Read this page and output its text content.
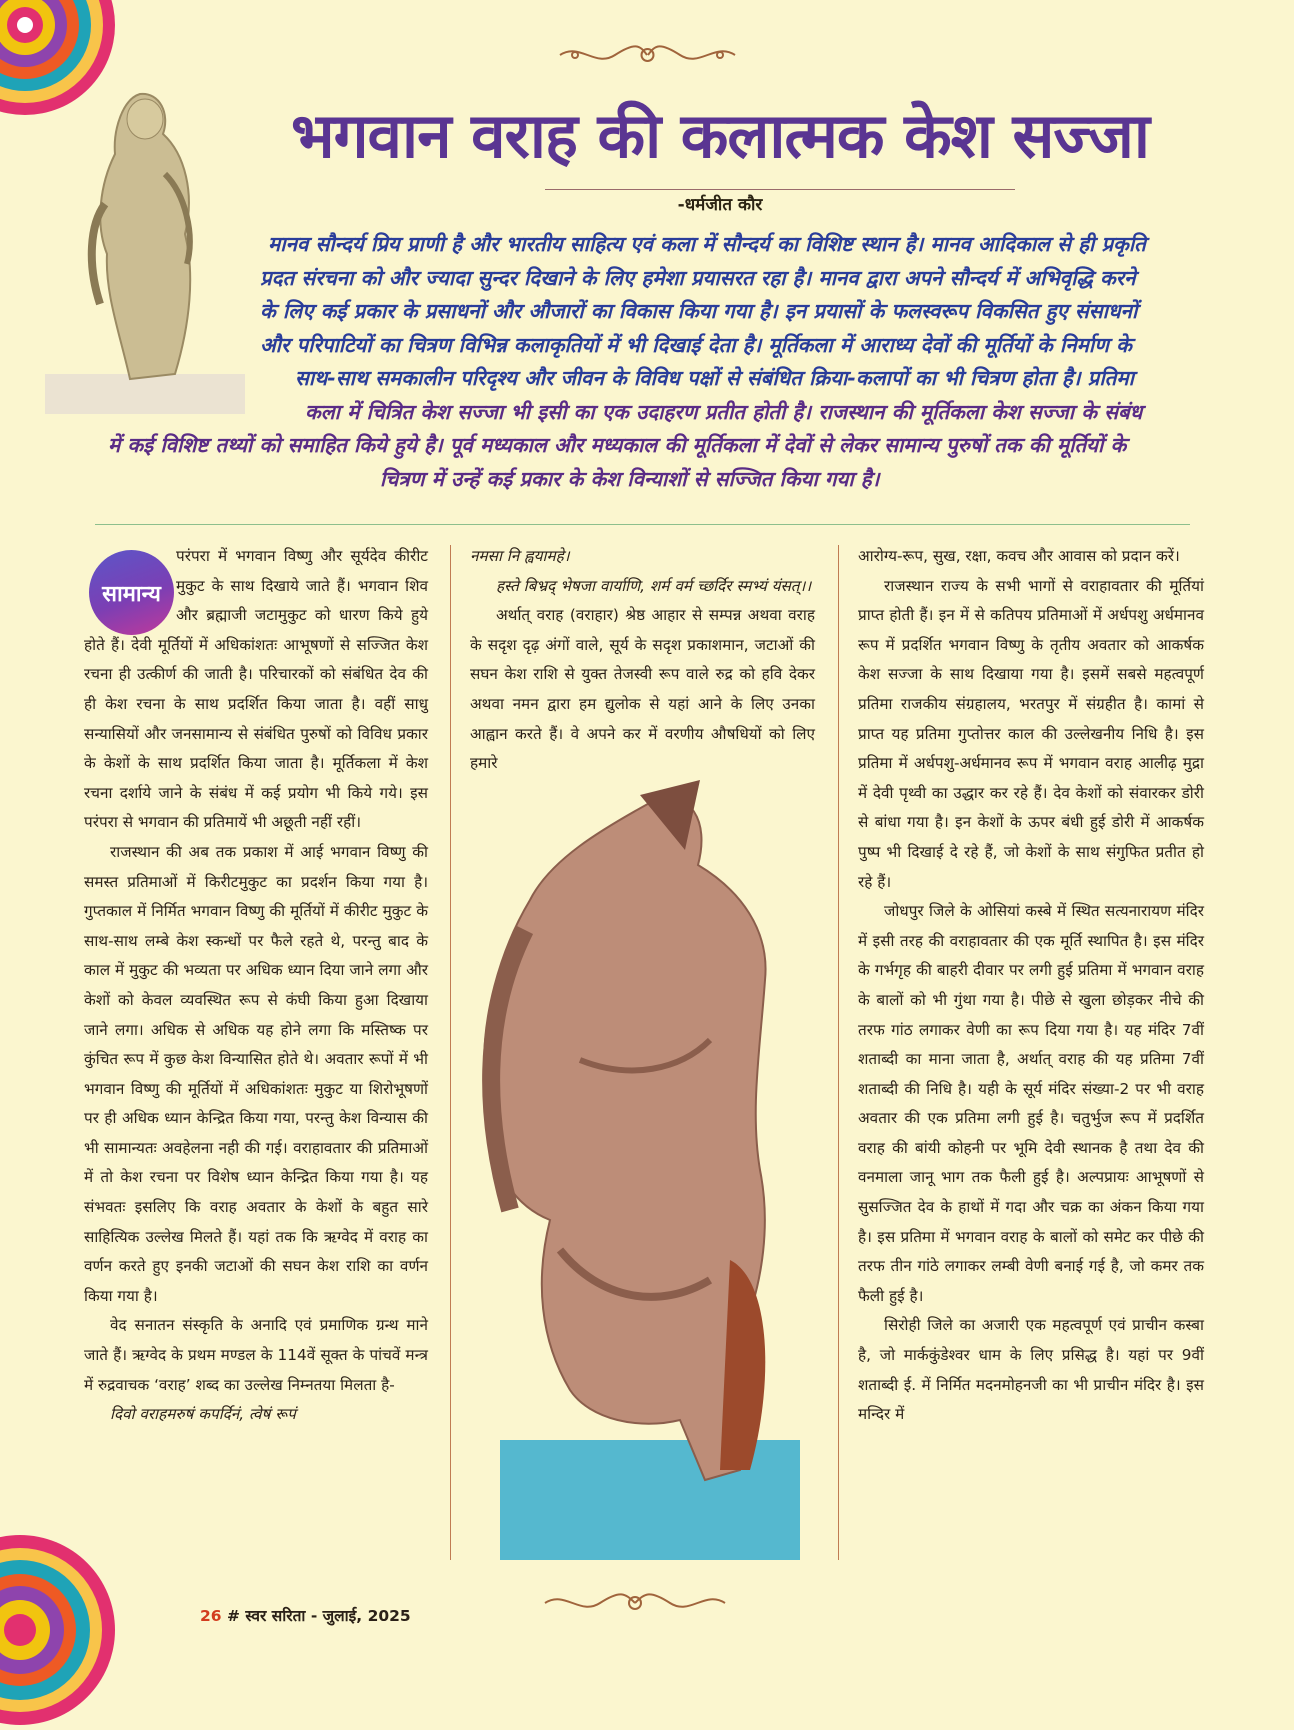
भगवान वराह की कलात्मक केश सज्जा
-धर्मजीत कौर
मानव सौन्दर्य प्रिय प्राणी है और भारतीय साहित्य एवं कला में सौन्दर्य का विशिष्ट स्थान है। मानव आदिकाल से ही प्रकृति
प्रदत संरचना को और ज्यादा सुन्दर दिखाने के लिए हमेशा प्रयासरत रहा है। मानव द्वारा अपने सौन्दर्य में अभिवृद्धि करने
के लिए कई प्रकार के प्रसाधनों और औजारों का विकास किया गया है। इन प्रयासों के फलस्वरूप विकसित हुए संसाधनों
और परिपाटियों का चित्रण विभिन्न कलाकृतियों में भी दिखाई देता है। मूर्तिकला में आराध्य देवों की मूर्तियों के निर्माण के
साथ-साथ समकालीन परिदृश्य और जीवन के विविध पक्षों से संबंधित क्रिया-कलापों का भी चित्रण होता है। प्रतिमा
कला में चित्रित केश सज्जा भी इसी का एक उदाहरण प्रतीत होती है। राजस्थान की मूर्तिकला केश सज्जा के संबंध
में कई विशिष्ट तथ्यों को समाहित किये हुये है। पूर्व मध्यकाल और मध्यकाल की मूर्तिकला में देवों से लेकर सामान्य पुरुषों तक की मूर्तियों के
चित्रण में उन्हें कई प्रकार के केश विन्याशों से सज्जित किया गया है।
सामान्य

परंपरा में भगवान विष्णु और सूर्यदेव कीरीट मुकुट के साथ दिखाये जाते हैं। भगवान शिव और ब्रह्माजी जटामुकुट को धारण किये हुये होते हैं। देवी मूर्तियों में अधिकांशतः आभूषणों से सज्जित केश रचना ही उत्कीर्ण की जाती है। परिचारकों को संबंधित देव की ही केश रचना के साथ प्रदर्शित किया जाता है। वहीं साधु सन्यासियों और जनसामान्य से संबंधित पुरुषों को विविध प्रकार के केशों के साथ प्रदर्शित किया जाता है। मूर्तिकला में केश रचना दर्शाये जाने के संबंध में कई प्रयोग भी किये गये। इस परंपरा से भगवान की प्रतिमायें भी अछूती नहीं रहीं।

राजस्थान की अब तक प्रकाश में आई भगवान विष्णु की समस्त प्रतिमाओं में किरीटमुकुट का प्रदर्शन किया गया है। गुप्तकाल में निर्मित भगवान विष्णु की मूर्तियों में कीरीट मुकुट के साथ-साथ लम्बे केश स्कन्धों पर फैले रहते थे, परन्तु बाद के काल में मुकुट की भव्यता पर अधिक ध्यान दिया जाने लगा और केशों को केवल व्यवस्थित रूप से कंघी किया हुआ दिखाया जाने लगा। अधिक से अधिक यह होने लगा कि मस्तिष्क पर कुंचित रूप में कुछ केश विन्यासित होते थे। अवतार रूपों में भी भगवान विष्णु की मूर्तियों में अधिकांशतः मुकुट या शिरोभूषणों पर ही अधिक ध्यान केन्द्रित किया गया, परन्तु केश विन्यास की भी सामान्यतः अवहेलना नही की गई। वराहावतार की प्रतिमाओं में तो केश रचना पर विशेष ध्यान केन्द्रित किया गया है। यह संभवतः इसलिए कि वराह अवतार के केशों के बहुत सारे साहित्यिक उल्लेख मिलते हैं। यहां तक कि ऋग्वेद में वराह का वर्णन करते हुए इनकी जटाओं की सघन केश राशि का वर्णन किया गया है।

वेद सनातन संस्कृति के अनादि एवं प्रमाणिक ग्रन्थ माने जाते हैं। ऋग्वेद के प्रथम मण्डल के 114वें सूक्त के पांचवें मन्त्र में रुद्रवाचक ‘वराह’ शब्द का उल्लेख निम्नतया मिलता है-

दिवो वराहमरुषं कपर्दिनं, त्वेषं रूपं

नमसा नि ह्वयामहे।

हस्ते बिभ्रद् भेषजा वार्याणि, शर्म वर्म च्छर्दिर स्मभ्यं यंसत्।।

अर्थात् वराह (वराहार) श्रेष्ठ आहार से सम्पन्न अथवा वराह के सदृश दृढ़ अंगों वाले, सूर्य के सदृश प्रकाशमान, जटाओं की सघन केश राशि से युक्त तेजस्वी रूप वाले रुद्र को हवि देकर अथवा नमन द्वारा हम द्युलोक से यहां आने के लिए उनका आह्वान करते हैं। वे अपने कर में वरणीय औषधियों को लिए हमारे

आरोग्य-रूप, सुख, रक्षा, कवच और आवास को प्रदान करें।

राजस्थान राज्य के सभी भागों से वराहावतार की मूर्तियां प्राप्त होती हैं। इन में से कतिपय प्रतिमाओं में अर्धपशु अर्धमानव रूप में प्रदर्शित भगवान विष्णु के तृतीय अवतार को आकर्षक केश सज्जा के साथ दिखाया गया है। इसमें सबसे महत्वपूर्ण प्रतिमा राजकीय संग्रहालय, भरतपुर में संग्रहीत है। कामां से प्राप्त यह प्रतिमा गुप्तोत्तर काल की उल्लेखनीय निधि है। इस प्रतिमा में अर्धपशु-अर्धमानव रूप में भगवान वराह आलीढ़ मुद्रा में देवी पृथ्वी का उद्धार कर रहे हैं। देव केशों को संवारकर डोरी से बांधा गया है। इन केशों के ऊपर बंधी हुई डोरी में आकर्षक पुष्प भी दिखाई दे रहे हैं, जो केशों के साथ संगुफित प्रतीत हो रहे हैं।

जोधपुर जिले के ओसियां कस्बे में स्थित सत्यनारायण मंदिर में इसी तरह की वराहावतार की एक मूर्ति स्थापित है। इस मंदिर के गर्भगृह की बाहरी दीवार पर लगी हुई प्रतिमा में भगवान वराह के बालों को भी गुंथा गया है। पीछे से खुला छोड़कर नीचे की तरफ गांठ लगाकर वेणी का रूप दिया गया है। यह मंदिर 7वीं शताब्दी का माना जाता है, अर्थात् वराह की यह प्रतिमा 7वीं शताब्दी की निधि है। यही के सूर्य मंदिर संख्या-2 पर भी वराह अवतार की एक प्रतिमा लगी हुई है। चतुर्भुज रूप में प्रदर्शित वराह की बांयी कोहनी पर भूमि देवी स्थानक है तथा देव की वनमाला जानू भाग तक फैली हुई है। अल्पप्रायः आभूषणों से सुसज्जित देव के हाथों में गदा और चक्र का अंकन किया गया है। इस प्रतिमा में भगवान वराह के बालों को समेट कर पीछे की तरफ तीन गांठे लगाकर लम्बी वेणी बनाई गई है, जो कमर तक फैली हुई है।

सिरोही जिले का अजारी एक महत्वपूर्ण एवं प्राचीन कस्बा है, जो मार्ककुंडेश्वर धाम के लिए प्रसिद्ध है। यहां पर 9वीं शताब्दी ई. में निर्मित मदनमोहनजी का भी प्राचीन मंदिर है। इस मन्दिर में

26 # स्वर सरिता - जुलाई, 2025
